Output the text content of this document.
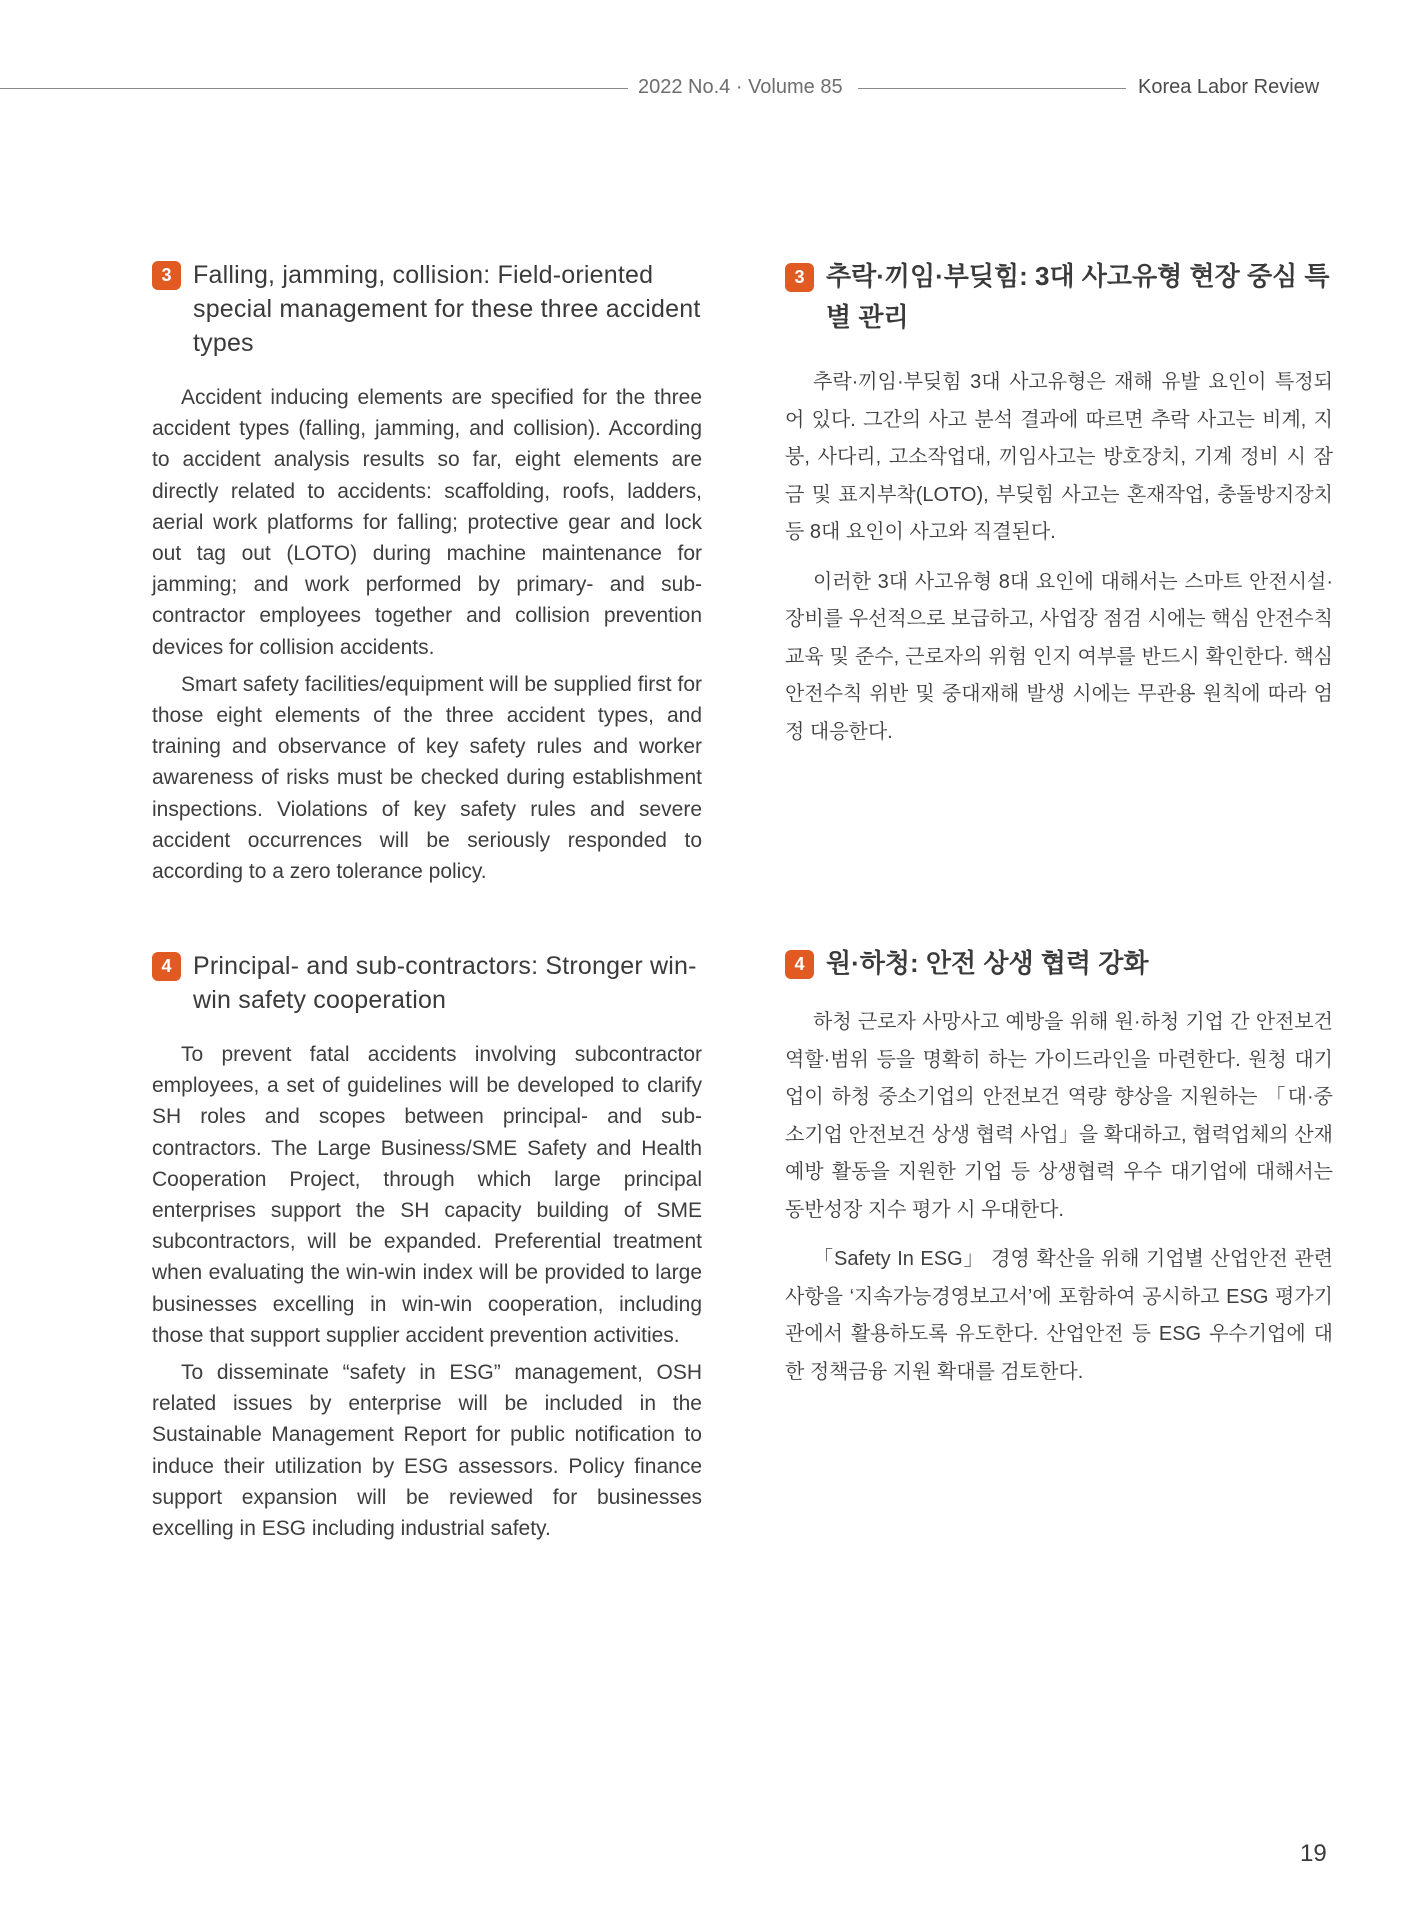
2022 No.4 · Volume 85	Korea Labor Review
3 Falling, jamming, collision: Field-oriented special management for these three accident types

Accident inducing elements are specified for the three accident types (falling, jamming, and collision). According to accident analysis results so far, eight elements are directly related to accidents: scaffolding, roofs, ladders, aerial work platforms for falling; protective gear and lock out tag out (LOTO) during machine maintenance for jamming; and work performed by primary- and sub-contractor employees together and collision prevention devices for collision accidents.

Smart safety facilities/equipment will be supplied first for those eight elements of the three accident types, and training and observance of key safety rules and worker awareness of risks must be checked during establishment inspections. Violations of key safety rules and severe accident occurrences will be seriously responded to according to a zero tolerance policy.

3 추락·끼임·부딪힘: 3대 사고유형 현장 중심 특별 관리

추락·끼임·부딪힘 3대 사고유형은 재해 유발 요인이 특정되어 있다. 그간의 사고 분석 결과에 따르면 추락 사고는 비계, 지붕, 사다리, 고소작업대, 끼임사고는 방호장치, 기계 정비 시 잠금 및 표지부착(LOTO), 부딪힘 사고는 혼재작업, 충돌방지장치 등 8대 요인이 사고와 직결된다.

이러한 3대 사고유형 8대 요인에 대해서는 스마트 안전시설·장비를 우선적으로 보급하고, 사업장 점검 시에는 핵심 안전수칙 교육 및 준수, 근로자의 위험 인지 여부를 반드시 확인한다. 핵심 안전수칙 위반 및 중대재해 발생 시에는 무관용 원칙에 따라 엄정 대응한다.

4 Principal- and sub-contractors: Stronger win-win safety cooperation

To prevent fatal accidents involving subcontractor employees, a set of guidelines will be developed to clarify SH roles and scopes between principal- and sub-contractors. The Large Business/SME Safety and Health Cooperation Project, through which large principal enterprises support the SH capacity building of SME subcontractors, will be expanded. Preferential treatment when evaluating the win-win index will be provided to large businesses excelling in win-win cooperation, including those that support supplier accident prevention activities.

To disseminate “safety in ESG” management, OSH related issues by enterprise will be included in the Sustainable Management Report for public notification to induce their utilization by ESG assessors. Policy finance support expansion will be reviewed for businesses excelling in ESG including industrial safety.

4 원·하청: 안전 상생 협력 강화

하청 근로자 사망사고 예방을 위해 원·하청 기업 간 안전보건 역할·범위 등을 명확히 하는 가이드라인을 마련한다. 원청 대기업이 하청 중소기업의 안전보건 역량 향상을 지원하는 「대·중소기업 안전보건 상생 협력 사업」을 확대하고, 협력업체의 산재 예방 활동을 지원한 기업 등 상생협력 우수 대기업에 대해서는 동반성장 지수 평가 시 우대한다.

「Safety In ESG」 경영 확산을 위해 기업별 산업안전 관련 사항을 ‘지속가능경영보고서’에 포함하여 공시하고 ESG 평가기관에서 활용하도록 유도한다. 산업안전 등 ESG 우수기업에 대한 정책금융 지원 확대를 검토한다.

19
